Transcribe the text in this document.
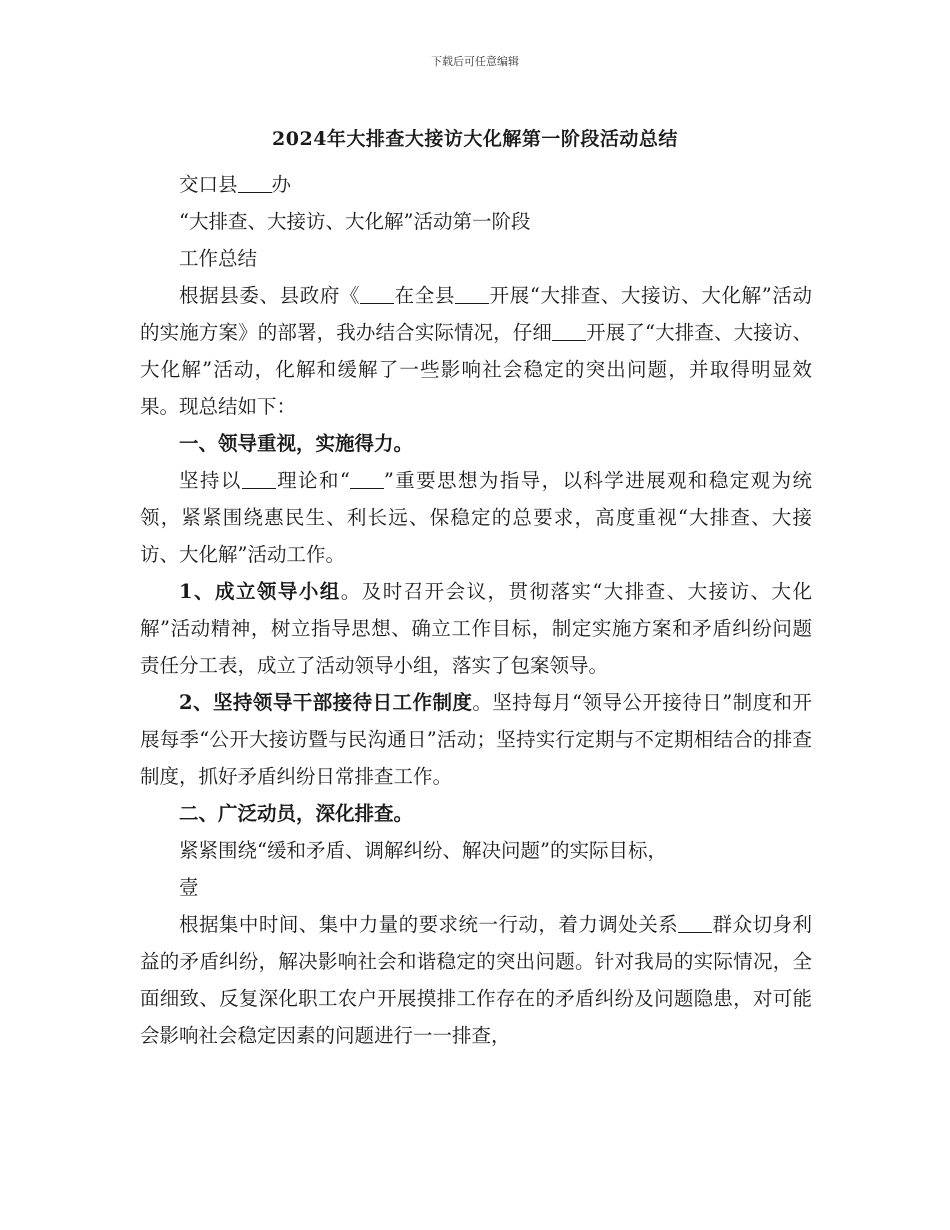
下载后可任意编辑
2024年大排查大接访大化解第一阶段活动总结

交口县 办

“大排查、大接访、大化解”活动第一阶段

工作总结

根据县委、县政府《 在全县 开展“大排查、大接访、大化解”活动的实施方案》的部署，我办结合实际情况，仔细 开展了“大排查、大接访、大化解”活动，化解和缓解了一些影响社会稳定的突出问题，并取得明显效果。现总结如下：

一、领导重视，实施得力。

坚持以 理论和“ ”重要思想为指导，以科学进展观和稳定观为统领，紧紧围绕惠民生、利长远、保稳定的总要求，高度重视“大排查、大接访、大化解”活动工作。

1、成立领导小组。及时召开会议，贯彻落实“大排查、大接访、大化解”活动精神，树立指导思想、确立工作目标，制定实施方案和矛盾纠纷问题责任分工表，成立了活动领导小组，落实了包案领导。

2、坚持领导干部接待日工作制度。坚持每月“领导公开接待日”制度和开展每季“公开大接访暨与民沟通日”活动；坚持实行定期与不定期相结合的排查制度，抓好矛盾纠纷日常排查工作。

二、广泛动员，深化排查。

紧紧围绕“缓和矛盾、调解纠纷、解决问题”的实际目标，

壹

根据集中时间、集中力量的要求统一行动，着力调处关系 群众切身利益的矛盾纠纷，解决影响社会和谐稳定的突出问题。针对我局的实际情况，全面细致、反复深化职工农户开展摸排工作存在的矛盾纠纷及问题隐患，对可能会影响社会稳定因素的问题进行一一排查，
